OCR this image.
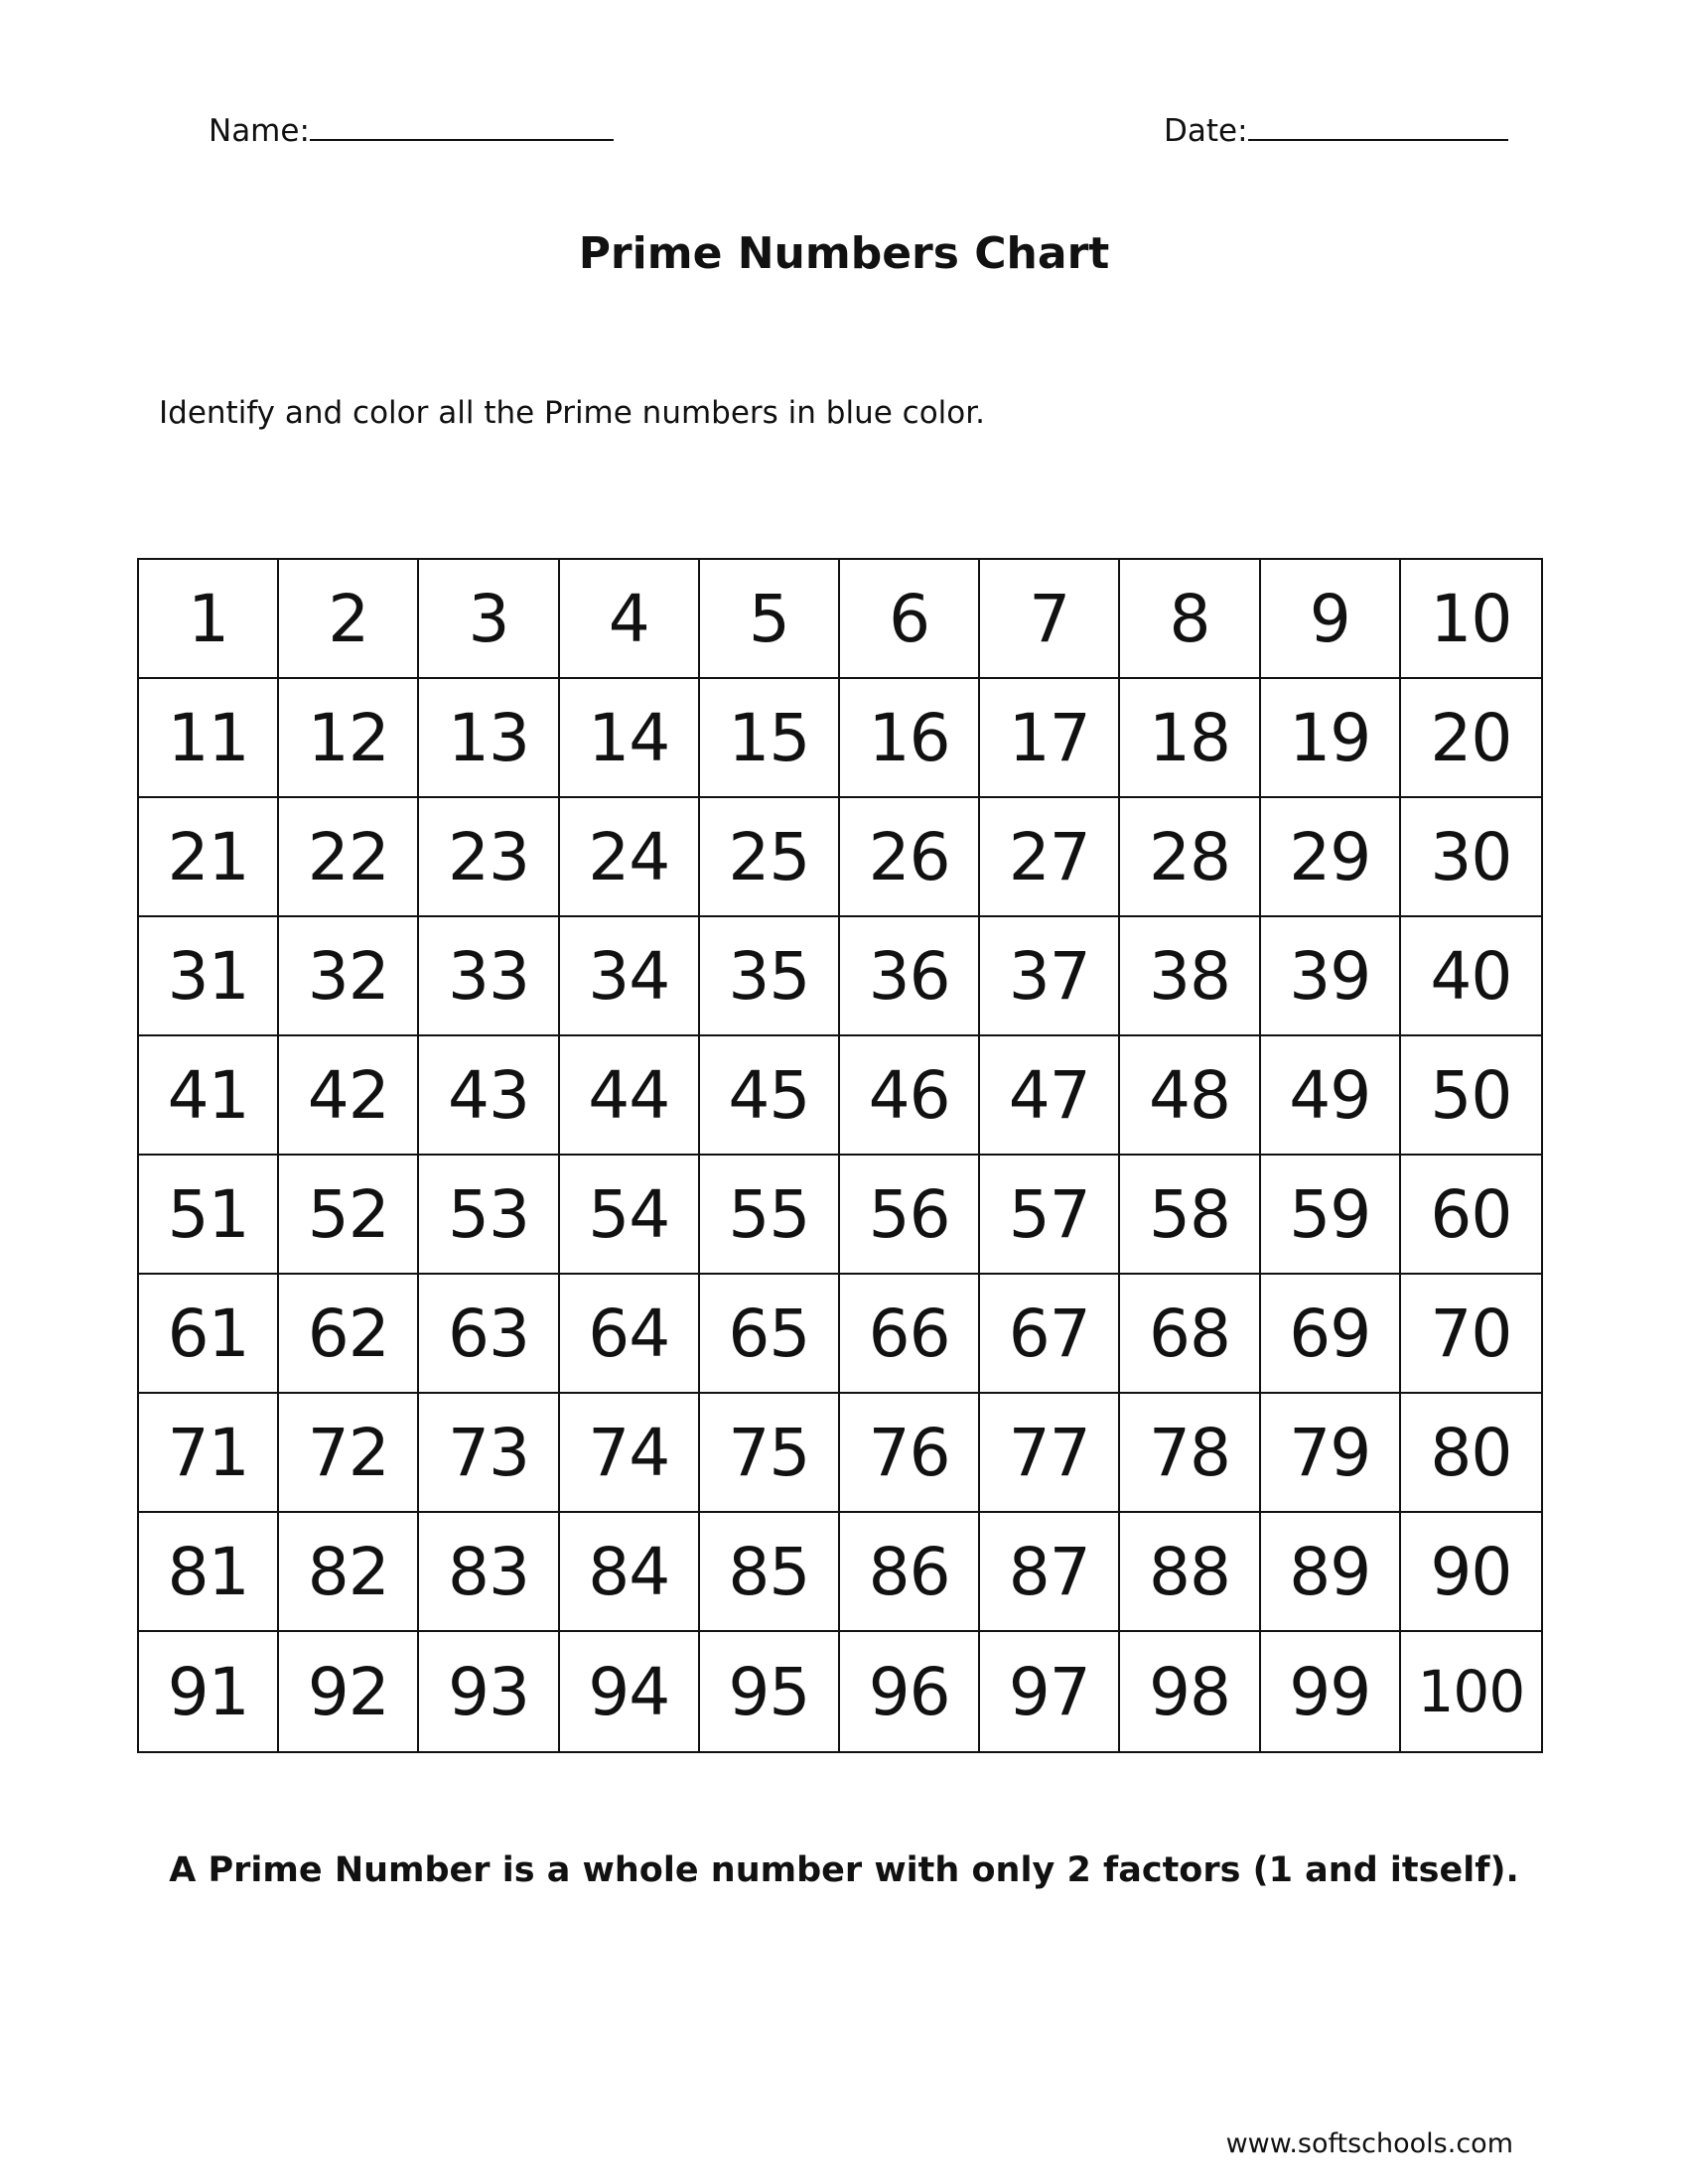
Name:	Date:
Prime Numbers Chart
Identify and color all the Prime numbers in blue color.
1	2	3	4	5	6	7	8	9	10
11 12 13 14 15 16 17 18 19 20
21 22 23 24 25 26 27 28 29 30
31 32 33 34 35 36 37 38 39 40
41 42 43 44 45 46 47 48 49 50
51 52 53 54 55 56 57 58 59 60
61 62 63 64 65 66 67 68 69 70
71 72 73 74 75 76 77 78 79 80
81 82 83 84 85 86 87 88 89 90
91 92 93 94 95 96 97 98 99 100
A Prime Number is a whole number with only 2 factors (1 and itself).
www.softschools.com
